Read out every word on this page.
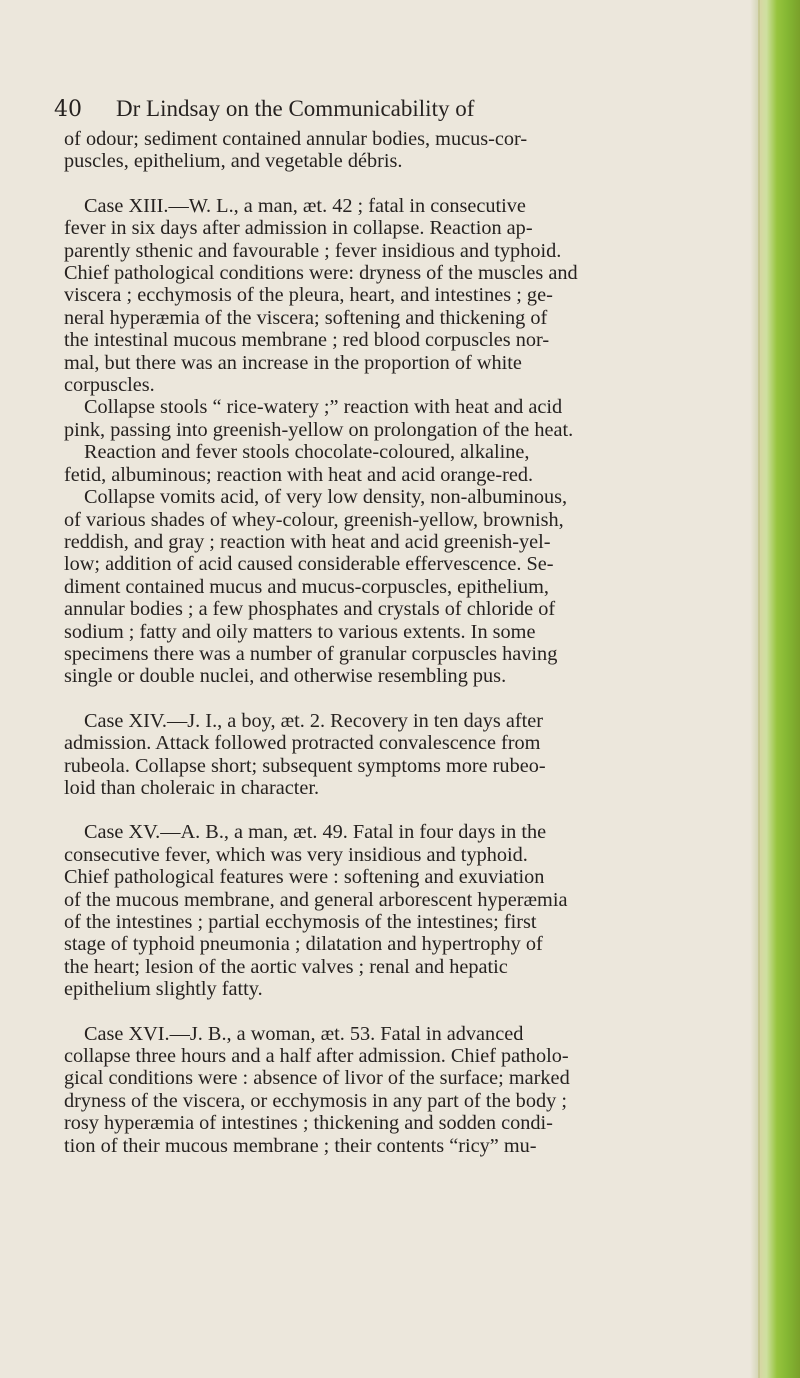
40 Dr Lindsay on the Communicability of
of odour; sediment contained annular bodies, mucus-cor-
puscles, epithelium, and vegetable débris.
Case XIII.—W. L., a man, æt. 42 ; fatal in consecutive
fever in six days after admission in collapse. Reaction ap-
parently sthenic and favourable ; fever insidious and typhoid.
Chief pathological conditions were: dryness of the muscles and
viscera ; ecchymosis of the pleura, heart, and intestines ; ge-
neral hyperæmia of the viscera; softening and thickening of
the intestinal mucous membrane ; red blood corpuscles nor-
mal, but there was an increase in the proportion of white
corpuscles.
Collapse stools “ rice-watery ;” reaction with heat and acid
pink, passing into greenish-yellow on prolongation of the heat.
Reaction and fever stools chocolate-coloured, alkaline,
fetid, albuminous; reaction with heat and acid orange-red.
Collapse vomits acid, of very low density, non-albuminous,
of various shades of whey-colour, greenish-yellow, brownish,
reddish, and gray ; reaction with heat and acid greenish-yel-
low; addition of acid caused considerable effervescence. Se-
diment contained mucus and mucus-corpuscles, epithelium,
annular bodies ; a few phosphates and crystals of chloride of
sodium ; fatty and oily matters to various extents. In some
specimens there was a number of granular corpuscles having
single or double nuclei, and otherwise resembling pus.
Case XIV.—J. I., a boy, æt. 2. Recovery in ten days after
admission. Attack followed protracted convalescence from
rubeola. Collapse short; subsequent symptoms more rubeo-
loid than choleraic in character.
Case XV.—A. B., a man, æt. 49. Fatal in four days in the
consecutive fever, which was very insidious and typhoid.
Chief pathological features were : softening and exuviation
of the mucous membrane, and general arborescent hyperæmia
of the intestines ; partial ecchymosis of the intestines; first
stage of typhoid pneumonia ; dilatation and hypertrophy of
the heart; lesion of the aortic valves ; renal and hepatic
epithelium slightly fatty.
Case XVI.—J. B., a woman, æt. 53. Fatal in advanced
collapse three hours and a half after admission. Chief patholo-
gical conditions were : absence of livor of the surface; marked
dryness of the viscera, or ecchymosis in any part of the body ;
rosy hyperæmia of intestines ; thickening and sodden condi-
tion of their mucous membrane ; their contents “ricy” mu-
